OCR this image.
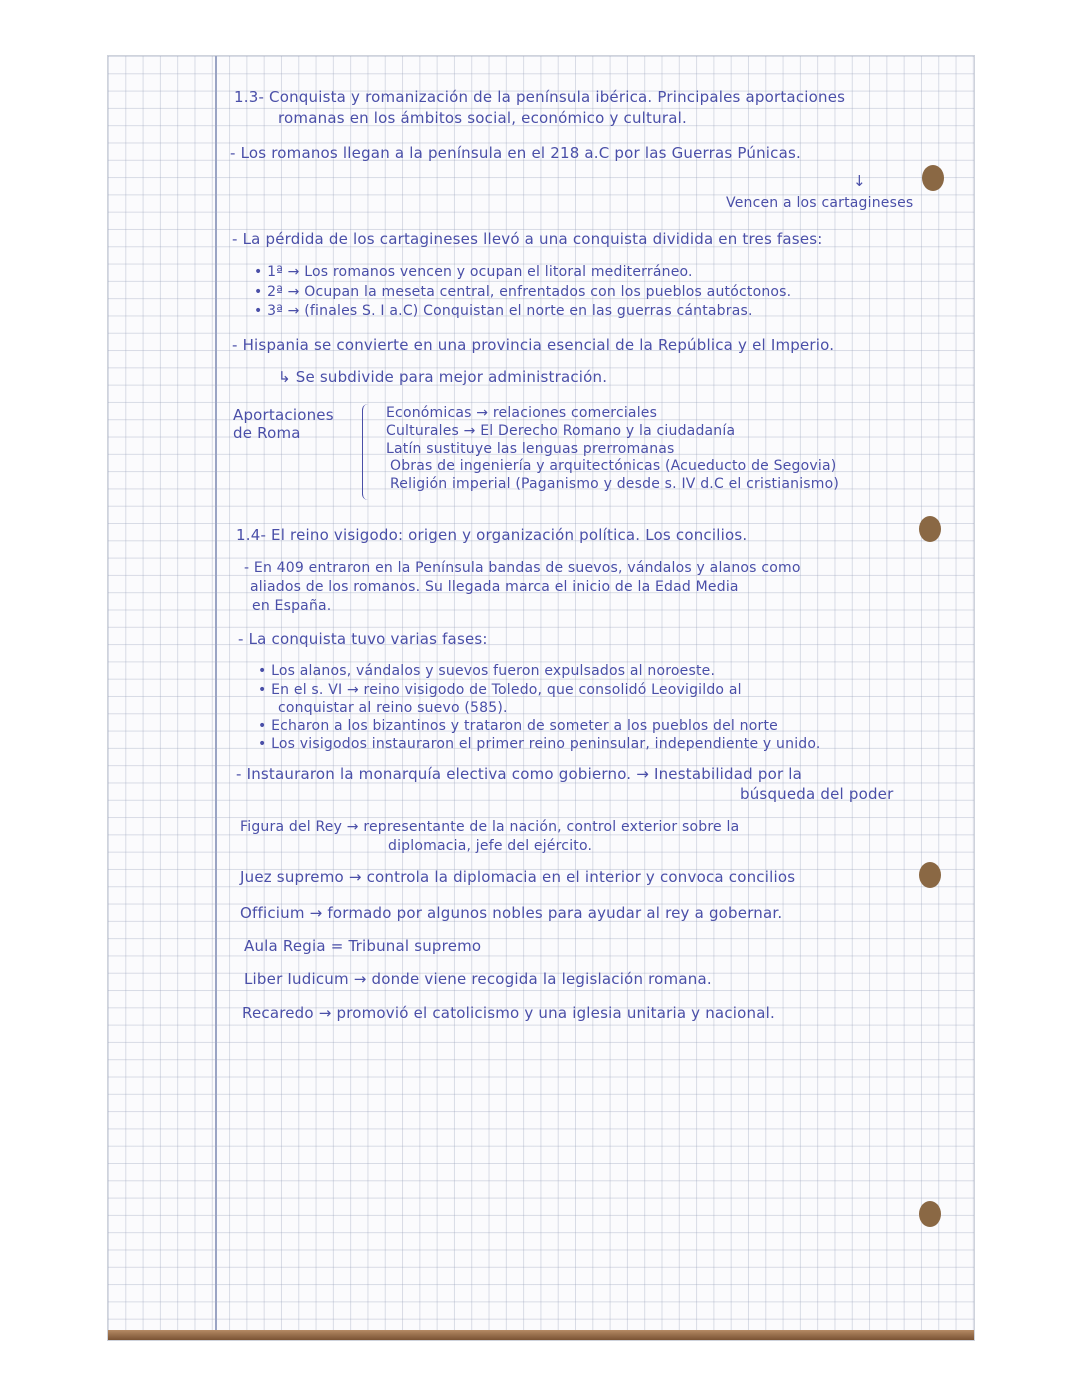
1.3- Conquista y romanización de la península ibérica. Principales aportaciones
romanas en los ámbitos social, económico y cultural.
- Los romanos llegan a la península en el 218 a.C por las Guerras Púnicas.
↓
Vencen a los cartagineses
- La pérdida de los cartagineses llevó a una conquista dividida en tres fases:
• 1ª → Los romanos vencen y ocupan el litoral mediterráneo.
• 2ª → Ocupan la meseta central, enfrentados con los pueblos autóctonos.
• 3ª → (finales S. I a.C) Conquistan el norte en las guerras cántabras.
- Hispania se convierte en una provincia esencial de la República y el Imperio.
↳ Se subdivide para mejor administración.
Aportaciones
de Roma
Económicas → relaciones comerciales
Culturales → El Derecho Romano y la ciudadanía
Latín sustituye las lenguas prerromanas
Obras de ingeniería y arquitectónicas (Acueducto de Segovia)
Religión imperial (Paganismo y desde s. IV d.C el cristianismo)
1.4- El reino visigodo: origen y organización política. Los concilios.
- En 409 entraron en la Península bandas de suevos, vándalos y alanos como
aliados de los romanos. Su llegada marca el inicio de la Edad Media
en España.
- La conquista tuvo varias fases:
• Los alanos, vándalos y suevos fueron expulsados al noroeste.
• En el s. VI → reino visigodo de Toledo, que consolidó Leovigildo al
conquistar al reino suevo (585).
• Echaron a los bizantinos y trataron de someter a los pueblos del norte
• Los visigodos instauraron el primer reino peninsular, independiente y unido.
- Instauraron la monarquía electiva como gobierno. → Inestabilidad por la
búsqueda del poder
Figura del Rey → representante de la nación, control exterior sobre la
diplomacia, jefe del ejército.
Juez supremo → controla la diplomacia en el interior y convoca concilios
Officium → formado por algunos nobles para ayudar al rey a gobernar.
Aula Regia = Tribunal supremo
Liber Iudicum → donde viene recogida la legislación romana.
Recaredo → promovió el catolicismo y una iglesia unitaria y nacional.
